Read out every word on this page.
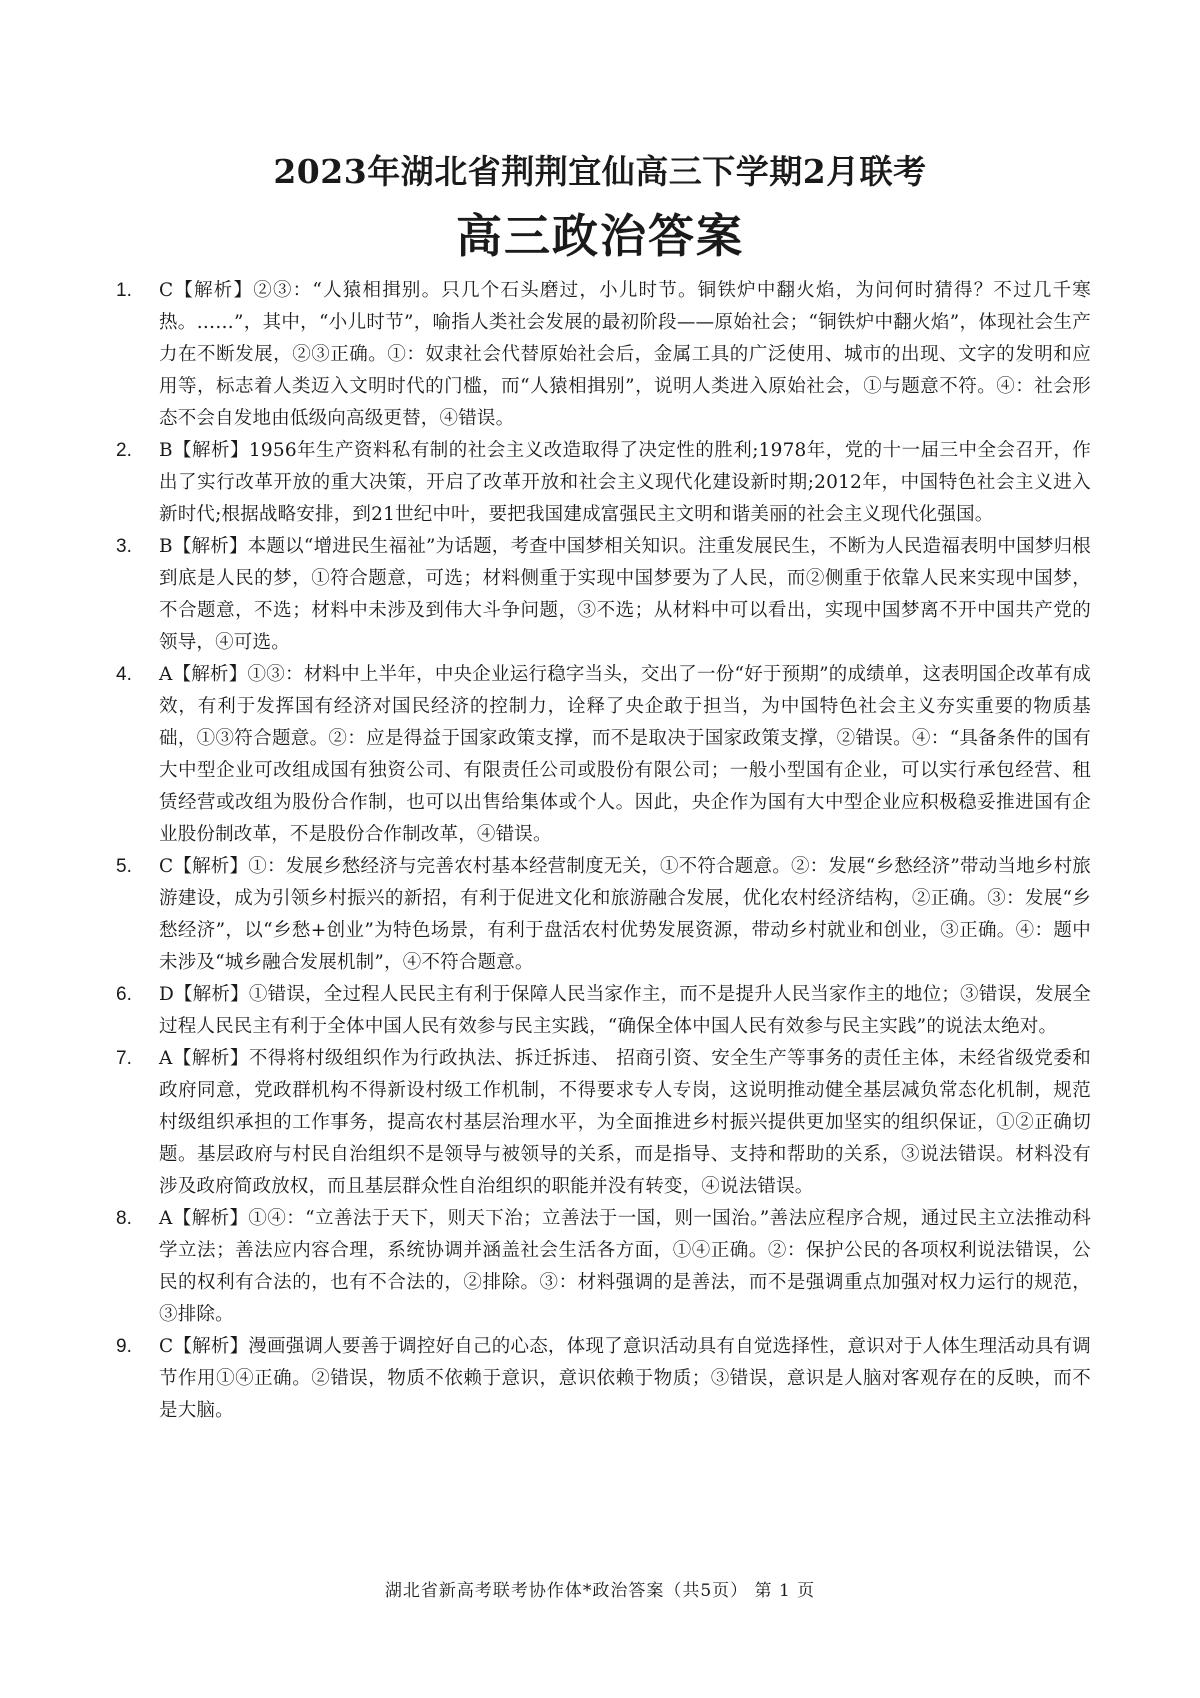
2023年湖北省荆荆宜仙高三下学期2月联考
高三政治答案
1.	C【解析】②③：“人猿相揖别。只几个石头磨过，小儿时节。铜铁炉中翻火焰，为问何时猜得？不过几千寒热。……”，其中，“小儿时节”，喻指人类社会发展的最初阶段——原始社会；“铜铁炉中翻火焰”，体现社会生产力在不断发展，②③正确。①：奴隶社会代替原始社会后，金属工具的广泛使用、城市的出现、文字的发明和应用等，标志着人类迈入文明时代的门槛，而“人猿相揖别”，说明人类进入原始社会，①与题意不符。④：社会形态不会自发地由低级向高级更替，④错误。
2.	B【解析】1956年生产资料私有制的社会主义改造取得了决定性的胜利;1978年，党的十一届三中全会召开，作出了实行改革开放的重大决策，开启了改革开放和社会主义现代化建设新时期;2012年，中国特色社会主义进入新时代;根据战略安排，到21世纪中叶，要把我国建成富强民主文明和谐美丽的社会主义现代化强国。
3.	B【解析】本题以“增进民生福祉”为话题，考查中国梦相关知识。注重发展民生，不断为人民造福表明中国梦归根到底是人民的梦，①符合题意，可选；材料侧重于实现中国梦要为了人民，而②侧重于依靠人民来实现中国梦，不合题意，不选；材料中未涉及到伟大斗争问题，③不选；从材料中可以看出，实现中国梦离不开中国共产党的领导，④可选。
4.	A【解析】①③：材料中上半年，中央企业运行稳字当头，交出了一份“好于预期”的成绩单，这表明国企改革有成效，有利于发挥国有经济对国民经济的控制力，诠释了央企敢于担当，为中国特色社会主义夯实重要的物质基础，①③符合题意。②：应是得益于国家政策支撑，而不是取决于国家政策支撑，②错误。④：“具备条件的国有大中型企业可改组成国有独资公司、有限责任公司或股份有限公司；一般小型国有企业，可以实行承包经营、租赁经营或改组为股份合作制，也可以出售给集体或个人。因此，央企作为国有大中型企业应积极稳妥推进国有企业股份制改革，不是股份合作制改革，④错误。
5.	C【解析】①：发展乡愁经济与完善农村基本经营制度无关，①不符合题意。②：发展“乡愁经济”带动当地乡村旅游建设，成为引领乡村振兴的新招，有利于促进文化和旅游融合发展，优化农村经济结构，②正确。③：发展“乡愁经济”，以“乡愁+创业”为特色场景，有利于盘活农村优势发展资源，带动乡村就业和创业，③正确。④：题中未涉及“城乡融合发展机制”，④不符合题意。
6.	D【解析】①错误，全过程人民民主有利于保障人民当家作主，而不是提升人民当家作主的地位；③错误，发展全过程人民民主有利于全体中国人民有效参与民主实践，“确保全体中国人民有效参与民主实践”的说法太绝对。
7.	A【解析】不得将村级组织作为行政执法、拆迁拆违、 招商引资、安全生产等事务的责任主体，未经省级党委和政府同意，党政群机构不得新设村级工作机制，不得要求专人专岗，这说明推动健全基层减负常态化机制，规范村级组织承担的工作事务，提高农村基层治理水平，为全面推进乡村振兴提供更加坚实的组织保证，①②正确切题。基层政府与村民自治组织不是领导与被领导的关系，而是指导、支持和帮助的关系，③说法错误。材料没有涉及政府简政放权，而且基层群众性自治组织的职能并没有转变，④说法错误。
8.	A【解析】①④：“立善法于天下，则天下治；立善法于一国，则一国治。”善法应程序合规，通过民主立法推动科学立法；善法应内容合理，系统协调并涵盖社会生活各方面，①④正确。②：保护公民的各项权利说法错误，公民的权利有合法的，也有不合法的，②排除。③：材料强调的是善法，而不是强调重点加强对权力运行的规范，③排除。
9.	C【解析】漫画强调人要善于调控好自己的心态，体现了意识活动具有自觉选择性，意识对于人体生理活动具有调节作用①④正确。②错误，物质不依赖于意识，意识依赖于物质；③错误，意识是人脑对客观存在的反映，而不是大脑。
湖北省新高考联考协作体*政治答案（共5页） 第 1 页
